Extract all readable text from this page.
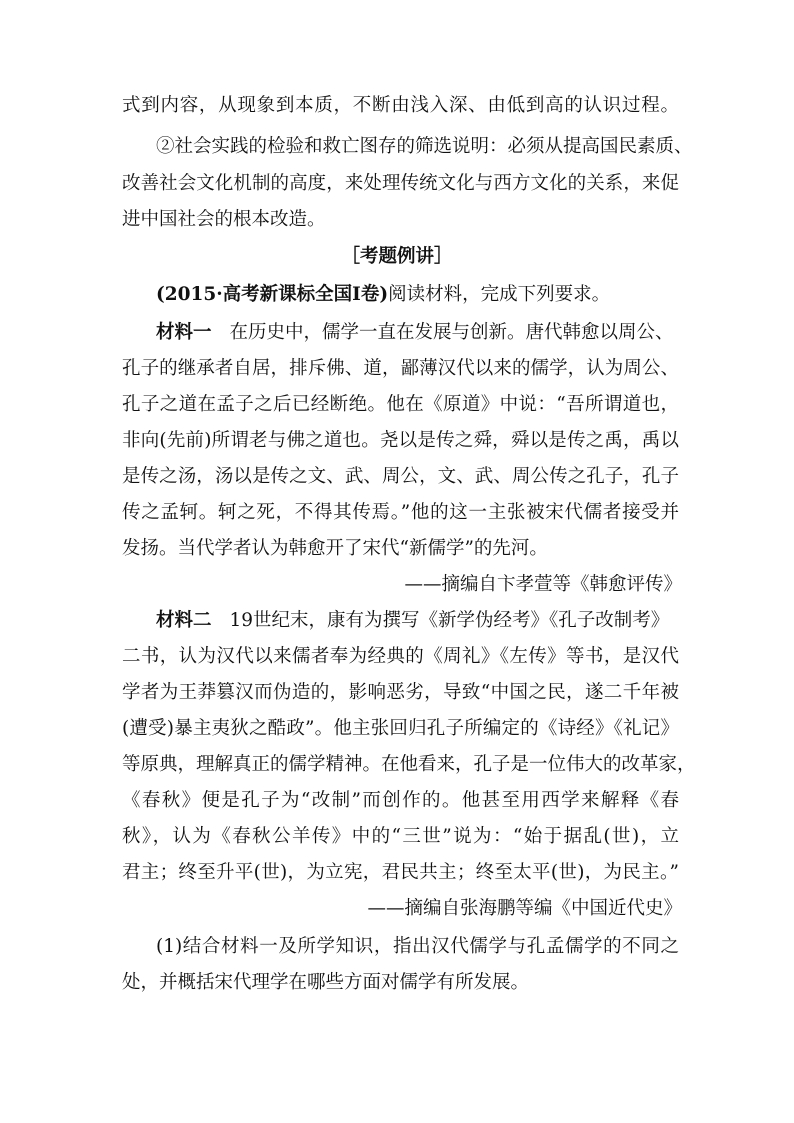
式到内容，从现象到本质，不断由浅入深、由低到高的认识过程。
②社会实践的检验和救亡图存的筛选说明：必须从提高国民素质、
改善社会文化机制的高度，来处理传统文化与西方文化的关系，来促
进中国社会的根本改造。
［考题例讲］
(2015·高考新课标全国Ⅰ卷)阅读材料，完成下列要求。
材料一 在历史中，儒学一直在发展与创新。唐代韩愈以周公、
孔子的继承者自居，排斥佛、道，鄙薄汉代以来的儒学，认为周公、
孔子之道在孟子之后已经断绝。他在《原道》中说：“吾所谓道也，
非向(先前)所谓老与佛之道也。尧以是传之舜，舜以是传之禹，禹以
是传之汤，汤以是传之文、武、周公，文、武、周公传之孔子，孔子
传之孟轲。轲之死，不得其传焉。”他的这一主张被宋代儒者接受并
发扬。当代学者认为韩愈开了宋代“新儒学”的先河。
——摘编自卞孝萱等《韩愈评传》
材料二 19世纪末，康有为撰写《新学伪经考》《孔子改制考》
二书，认为汉代以来儒者奉为经典的《周礼》《左传》等书，是汉代
学者为王莽篡汉而伪造的，影响恶劣，导致“中国之民，遂二千年被
(遭受)暴主夷狄之酷政”。他主张回归孔子所编定的《诗经》《礼记》
等原典，理解真正的儒学精神。在他看来，孔子是一位伟大的改革家，
《春秋》便是孔子为“改制”而创作的。他甚至用西学来解释《春
秋》，认为《春秋公羊传》中的“三世”说为：“始于据乱(世)，立
君主；终至升平(世)，为立宪，君民共主；终至太平(世)，为民主。”
——摘编自张海鹏等编《中国近代史》
(1)结合材料一及所学知识，指出汉代儒学与孔孟儒学的不同之
处，并概括宋代理学在哪些方面对儒学有所发展。
